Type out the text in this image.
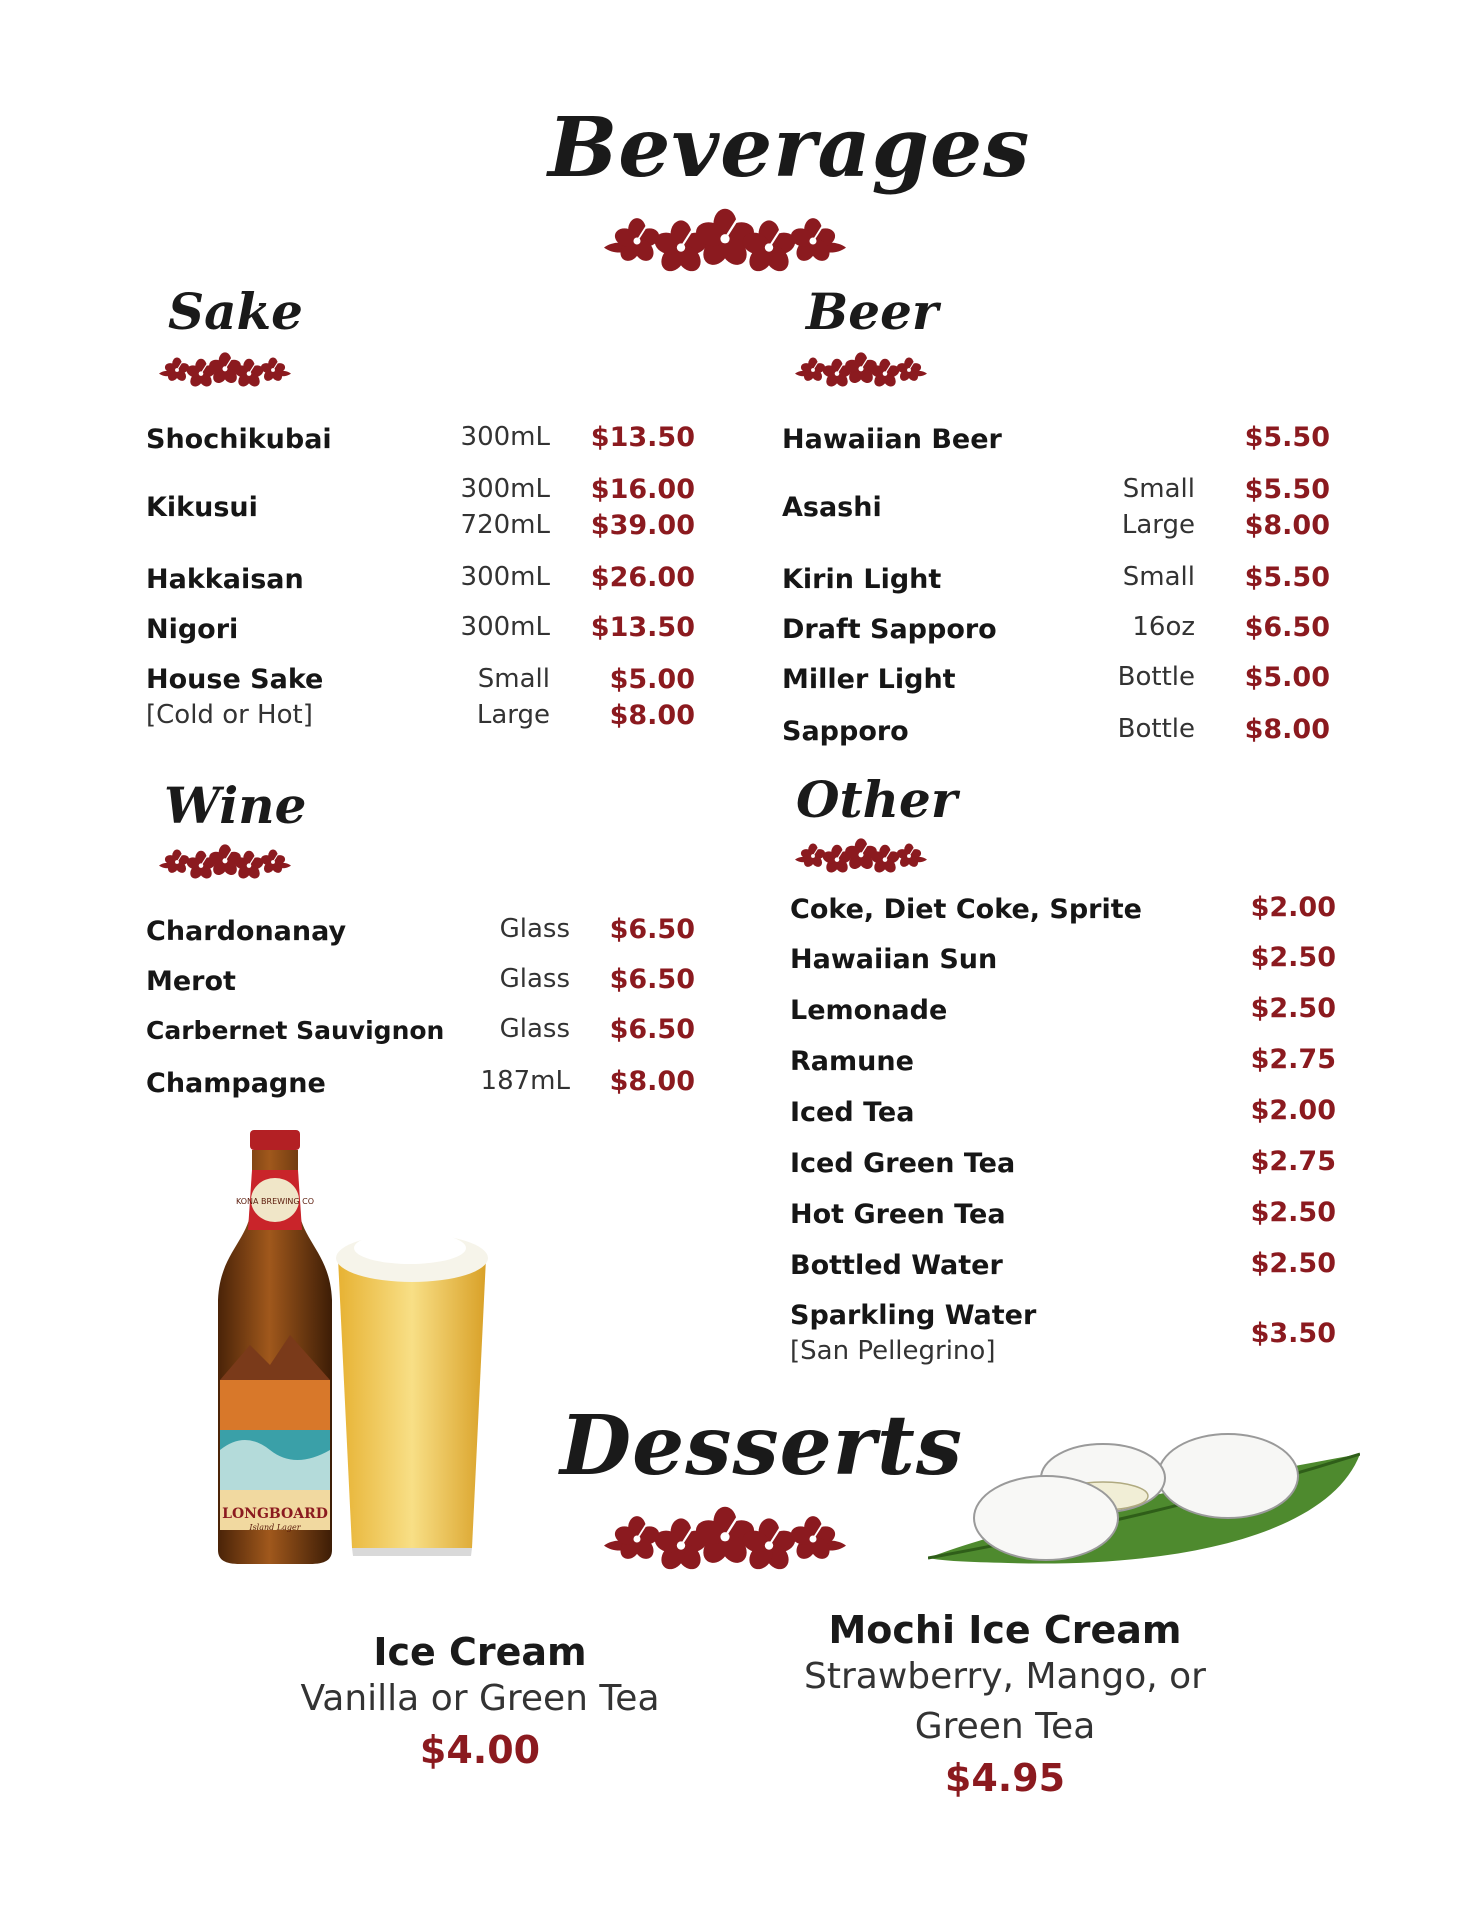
Beverages
Sake
Shochikubai	300mL	$13.50
Kikusui
300mL	$16.00
720mL	$39.00
Hakkaisan	300mL	$26.00
Nigori	300mL	$13.50
House Sake
[Cold or Hot]
Small	$5.00
Large	$8.00
Beer
Hawaiian Beer	$5.50
Asashi
Small	$5.50
Large	$8.00
Kirin Light	Small	$5.50
Draft Sapporo	16oz	$6.50
Miller Light	Bottle	$5.00
Sapporo	Bottle	$8.00
Wine
Chardonanay	Glass	$6.50
Merot	Glass	$6.50
Carbernet Sauvignon	Glass	$6.50
Champagne	187mL	$8.00
Other
Coke, Diet Coke, Sprite	$2.00
Hawaiian Sun	$2.50
Lemonade	$2.50
Ramune	$2.75
Iced Tea	$2.00
Iced Green Tea	$2.75
Hot Green Tea	$2.50
Bottled Water	$2.50
Sparkling Water
[San Pellegrino]
$3.50
KONA BREWING CO
LONGBOARD
Island Lager
Desserts
Ice Cream
Vanilla or Green Tea
$4.00
Mochi Ice Cream
Strawberry, Mango, or
Green Tea
$4.95
